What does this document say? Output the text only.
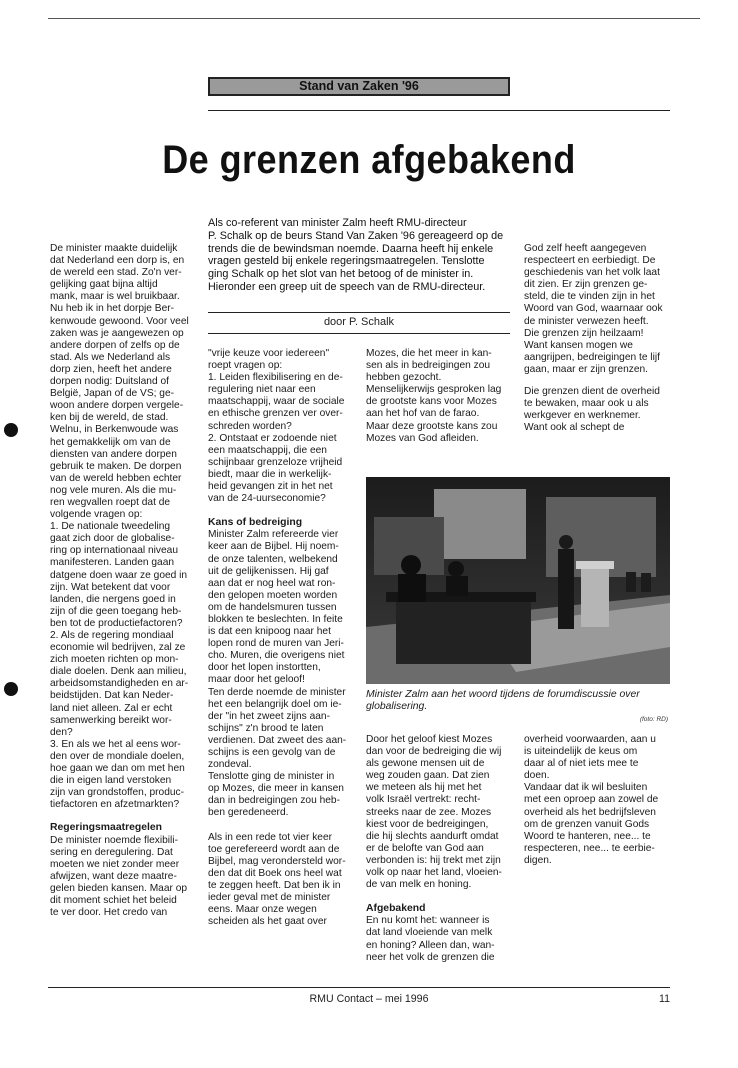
Stand van Zaken '96
De grenzen afgebakend
Als co-referent van minister Zalm heeft RMU-directeur
P. Schalk op de beurs Stand Van Zaken '96 gereageerd op de
trends die de bewindsman noemde. Daarna heeft hij enkele
vragen gesteld bij enkele regeringsmaatregelen. Tenslotte
ging Schalk op het slot van het betoog of de minister in.
Hieronder een greep uit de speech van de RMU-directeur.
door P. Schalk

De minister maakte duidelijk
dat Nederland een dorp is, en
de wereld een stad. Zo'n ver-
gelijking gaat bijna altijd
mank, maar is wel bruikbaar.
Nu heb ik in het dorpje Ber-
kenwoude gewoond. Voor veel
zaken was je aangewezen op
andere dorpen of zelfs op de
stad. Als we Nederland als
dorp zien, heeft het andere
dorpen nodig: Duitsland of
België, Japan of de VS; ge-
woon andere dorpen vergele-
ken bij de wereld, de stad.
Welnu, in Berkenwoude was
het gemakkelijk om van de
diensten van andere dorpen
gebruik te maken. De dorpen
van de wereld hebben echter
nog vele muren. Als die mu-
ren wegvallen roept dat de
volgende vragen op:
1. De nationale tweedeling
gaat zich door de globalise-
ring op internationaal niveau
manifesteren. Landen gaan
datgene doen waar ze goed in
zijn. Wat betekent dat voor
landen, die nergens goed in
zijn of die geen toegang heb-
ben tot de productiefactoren?
2. Als de regering mondiaal
economie wil bedrijven, zal ze
zich moeten richten op mon-
diale doelen. Denk aan milieu,
arbeidsomstandigheden en ar-
beidstijden. Dat kan Neder-
land niet alleen. Zal er echt
samenwerking bereikt wor-
den?
3. En als we het al eens wor-
den over de mondiale doelen,
hoe gaan we dan om met hen
die in eigen land verstoken
zijn van grondstoffen, produc-
tiefactoren en afzetmarkten?

Regeringsmaatregelen

De minister noemde flexibili-
sering en deregulering. Dat
moeten we niet zonder meer
afwijzen, want deze maatre-
gelen bieden kansen. Maar op
dit moment schiet het beleid
te ver door. Het credo van

"vrije keuze voor iedereen"
roept vragen op:
1. Leiden flexibilisering en de-
regulering niet naar een
maatschappij, waar de sociale
en ethische grenzen ver over-
schreden worden?
2. Ontstaat er zodoende niet
een maatschappij, die een
schijnbaar grenzeloze vrijheid
biedt, maar die in werkelijk-
heid gevangen zit in het net
van de 24-uurseconomie?

Kans of bedreiging

Minister Zalm refereerde vier
keer aan de Bijbel. Hij noem-
de onze talenten, welbekend
uit de gelijkenissen. Hij gaf
aan dat er nog heel wat ron-
den gelopen moeten worden
om de handelsmuren tussen
blokken te beslechten. In feite
is dat een knipoog naar het
lopen rond de muren van Jeri-
cho. Muren, die overigens niet
door het lopen instortten,
maar door het geloof!
Ten derde noemde de minister
het een belangrijk doel om ie-
der "in het zweet zijns aan-
schijns" z'n brood te laten
verdienen. Dat zweet des aan-
schijns is een gevolg van de
zondeval.
Tenslotte ging de minister in
op Mozes, die meer in kansen
dan in bedreigingen zou heb-
ben geredeneerd.

Als in een rede tot vier keer
toe gerefereerd wordt aan de
Bijbel, mag verondersteld wor-
den dat dit Boek ons heel wat
te zeggen heeft. Dat ben ik in
ieder geval met de minister
eens. Maar onze wegen
scheiden als het gaat over

Mozes, die het meer in kan-
sen als in bedreigingen zou
hebben gezocht.
Menselijkerwijs gesproken lag
de grootste kans voor Mozes
aan het hof van de farao.
Maar deze grootste kans zou
Mozes van God afleiden.

God zelf heeft aangegeven
respecteert en eerbiedigt. De
geschiedenis van het volk laat
dit zien. Er zijn grenzen ge-
steld, die te vinden zijn in het
Woord van God, waarnaar ook
de minister verwezen heeft.
Die grenzen zijn heilzaam!
Want kansen mogen we
aangrijpen, bedreigingen te lijf
gaan, maar er zijn grenzen.

Die grenzen dient de overheid
te bewaken, maar ook u als
werkgever en werknemer.
Want ook al schept de

Minister Zalm aan het woord tijdens de forumdiscussie over
globalisering.
(foto: RD)

Door het geloof kiest Mozes
dan voor de bedreiging die wij
als gewone mensen uit de
weg zouden gaan. Dat zien
we meteen als hij met het
volk Israël vertrekt: recht-
streeks naar de zee. Mozes
kiest voor de bedreigingen,
die hij slechts aandurft omdat
er de belofte van God aan
verbonden is: hij trekt met zijn
volk op naar het land, vloeien-
de van melk en honing.

Afgebakend

En nu komt het: wanneer is
dat land vloeiende van melk
en honing? Alleen dan, wan-
neer het volk de grenzen die

overheid voorwaarden, aan u
is uiteindelijk de keus om
daar al of niet iets mee te
doen.
Vandaar dat ik wil besluiten
met een oproep aan zowel de
overheid als het bedrijfsleven
om de grenzen vanuit Gods
Woord te hanteren, nee... te
respecteren, nee... te eerbie-
digen.

RMU Contact – mei 1996	11
